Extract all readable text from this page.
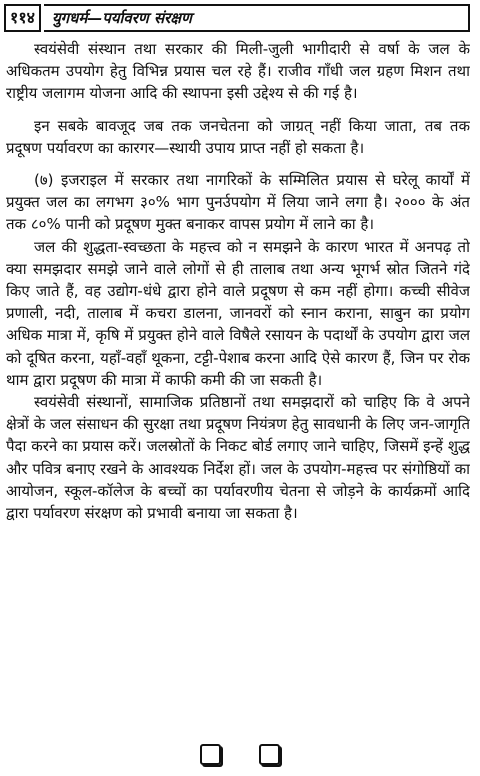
११४	युगधर्म—पर्यावरण संरक्षण

स्वयंसेवी संस्थान तथा सरकार की मिली-जुली भागीदारी से वर्षा के जल के अधिकतम उपयोग हेतु विभिन्न प्रयास चल रहे हैं। राजीव गाँधी जल ग्रहण मिशन तथा राष्ट्रीय जलागम योजना आदि की स्थापना इसी उद्देश्य से की गई है।

इन सबके बावजूद जब तक जनचेतना को जाग्रत् नहीं किया जाता, तब तक प्रदूषण पर्यावरण का कारगर—स्थायी उपाय प्राप्त नहीं हो सकता है।

(७) इजराइल में सरकार तथा नागरिकों के सम्मिलित प्रयास से घरेलू कार्यों में प्रयुक्त जल का लगभग ३०% भाग पुनर्उपयोग में लिया जाने लगा है। २००० के अंत तक ८०% पानी को प्रदूषण मुक्त बनाकर वापस प्रयोग में लाने का है।

जल की शुद्धता-स्वच्छता के महत्त्व को न समझने के कारण भारत में अनपढ़ तो क्या समझदार समझे जाने वाले लोगों से ही तालाब तथा अन्य भूगर्भ स्रोत जितने गंदे किए जाते हैं, वह उद्योग-धंधे द्वारा होने वाले प्रदूषण से कम नहीं होगा। कच्ची सीवेज प्रणाली, नदी, तालाब में कचरा डालना, जानवरों को स्नान कराना, साबुन का प्रयोग अधिक मात्रा में, कृषि में प्रयुक्त होने वाले विषैले रसायन के पदार्थों के उपयोग द्वारा जल को दूषित करना, यहाँ-वहाँ थूकना, टट्टी-पेशाब करना आदि ऐसे कारण हैं, जिन पर रोक थाम द्वारा प्रदूषण की मात्रा में काफी कमी की जा सकती है।

स्वयंसेवी संस्थानों, सामाजिक प्रतिष्ठानों तथा समझदारों को चाहिए कि वे अपने क्षेत्रों के जल संसाधन की सुरक्षा तथा प्रदूषण नियंत्रण हेतु सावधानी के लिए जन-जागृति पैदा करने का प्रयास करें। जलस्रोतों के निकट बोर्ड लगाए जाने चाहिए, जिसमें इन्हें शुद्ध और पवित्र बनाए रखने के आवश्यक निर्देश हों। जल के उपयोग-महत्त्व पर संगोष्ठियों का आयोजन, स्कूल-कॉलेज के बच्चों का पर्यावरणीय चेतना से जोड़ने के कार्यक्रमों आदि द्वारा पर्यावरण संरक्षण को प्रभावी बनाया जा सकता है।
